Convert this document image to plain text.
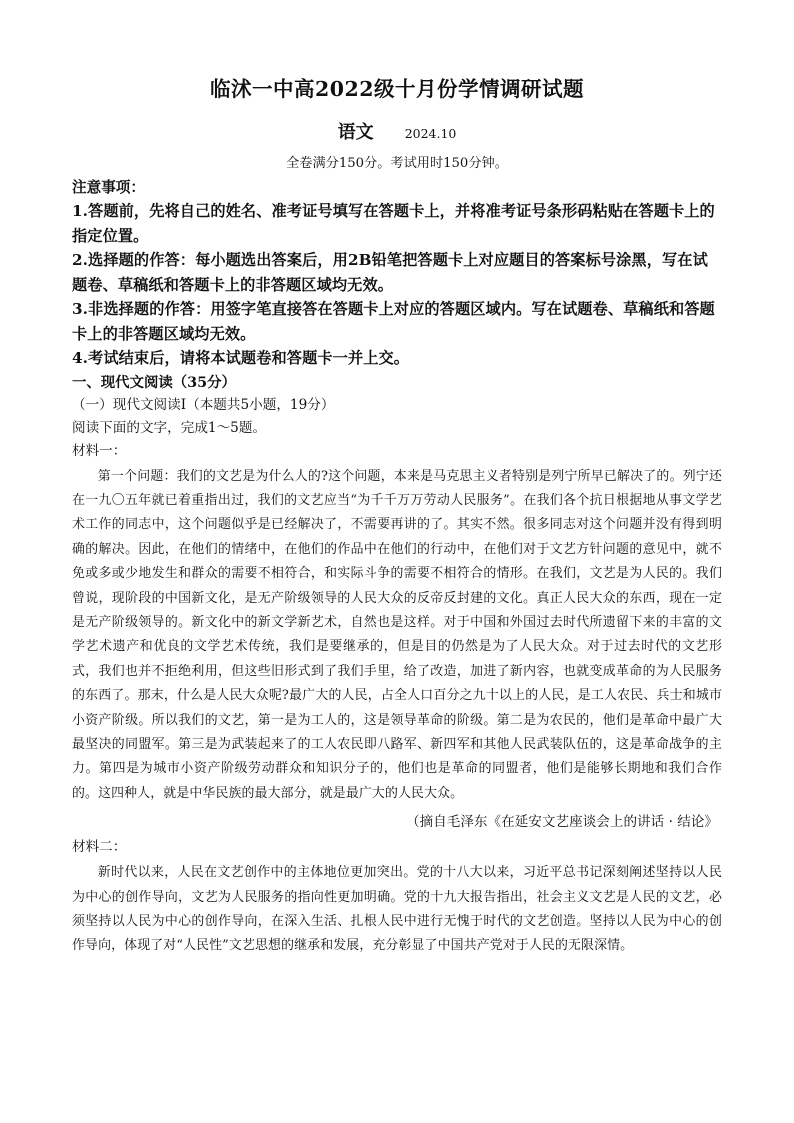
临沭一中高2022级十月份学情调研试题
语文 2024.10
全卷满分150分。考试用时150分钟。
注意事项：
1.答题前，先将自己的姓名、准考证号填写在答题卡上，并将准考证号条形码粘贴在答题卡上的指定位置。
2.选择题的作答：每小题选出答案后，用2B铅笔把答题卡上对应题目的答案标号涂黑，写在试题卷、草稿纸和答题卡上的非答题区域均无效。
3.非选择题的作答：用签字笔直接答在答题卡上对应的答题区域内。写在试题卷、草稿纸和答题卡上的非答题区域均无效。
4.考试结束后，请将本试题卷和答题卡一并上交。
一、现代文阅读（35分）
（一）现代文阅读Ⅰ（本题共5小题，19分）
阅读下面的文字，完成1～5题。
材料一：

第一个问题：我们的文艺是为什么人的?这个问题，本来是马克思主义者特别是列宁所早已解决了的。列宁还在一九〇五年就已着重指出过，我们的文艺应当“为千千万万劳动人民服务”。在我们各个抗日根据地从事文学艺术工作的同志中，这个问题似乎是已经解决了，不需要再讲的了。其实不然。很多同志对这个问题并没有得到明确的解决。因此，在他们的情绪中，在他们的作品中在他们的行动中，在他们对于文艺方针问题的意见中，就不免或多或少地发生和群众的需要不相符合，和实际斗争的需要不相符合的情形。在我们，文艺是为人民的。我们曾说，现阶段的中国新文化，是无产阶级领导的人民大众的反帝反封建的文化。真正人民大众的东西，现在一定是无产阶级领导的。新文化中的新文学新艺术，自然也是这样。对于中国和外国过去时代所遗留下来的丰富的文学艺术遗产和优良的文学艺术传统，我们是要继承的，但是目的仍然是为了人民大众。对于过去时代的文艺形式，我们也并不拒绝利用，但这些旧形式到了我们手里，给了改造，加进了新内容，也就变成革命的为人民服务的东西了。那末，什么是人民大众呢?最广大的人民，占全人口百分之九十以上的人民，是工人农民、兵士和城市小资产阶级。所以我们的文艺，第一是为工人的，这是领导革命的阶级。第二是为农民的，他们是革命中最广大最坚决的同盟军。第三是为武装起来了的工人农民即八路军、新四军和其他人民武装队伍的，这是革命战争的主力。第四是为城市小资产阶级劳动群众和知识分子的，他们也是革命的同盟者，他们是能够长期地和我们合作的。这四种人，就是中华民族的最大部分，就是最广大的人民大众。

（摘自毛泽东《在延安文艺座谈会上的讲话 · 结论》
材料二：

新时代以来，人民在文艺创作中的主体地位更加突出。党的十八大以来，习近平总书记深刻阐述坚持以人民为中心的创作导向，文艺为人民服务的指向性更加明确。党的十九大报告指出，社会主义文艺是人民的文艺，必须坚持以人民为中心的创作导向，在深入生活、扎根人民中进行无愧于时代的文艺创造。坚持以人民为中心的创作导向，体现了对“人民性”文艺思想的继承和发展，充分彰显了中国共产党对于人民的无限深情。
